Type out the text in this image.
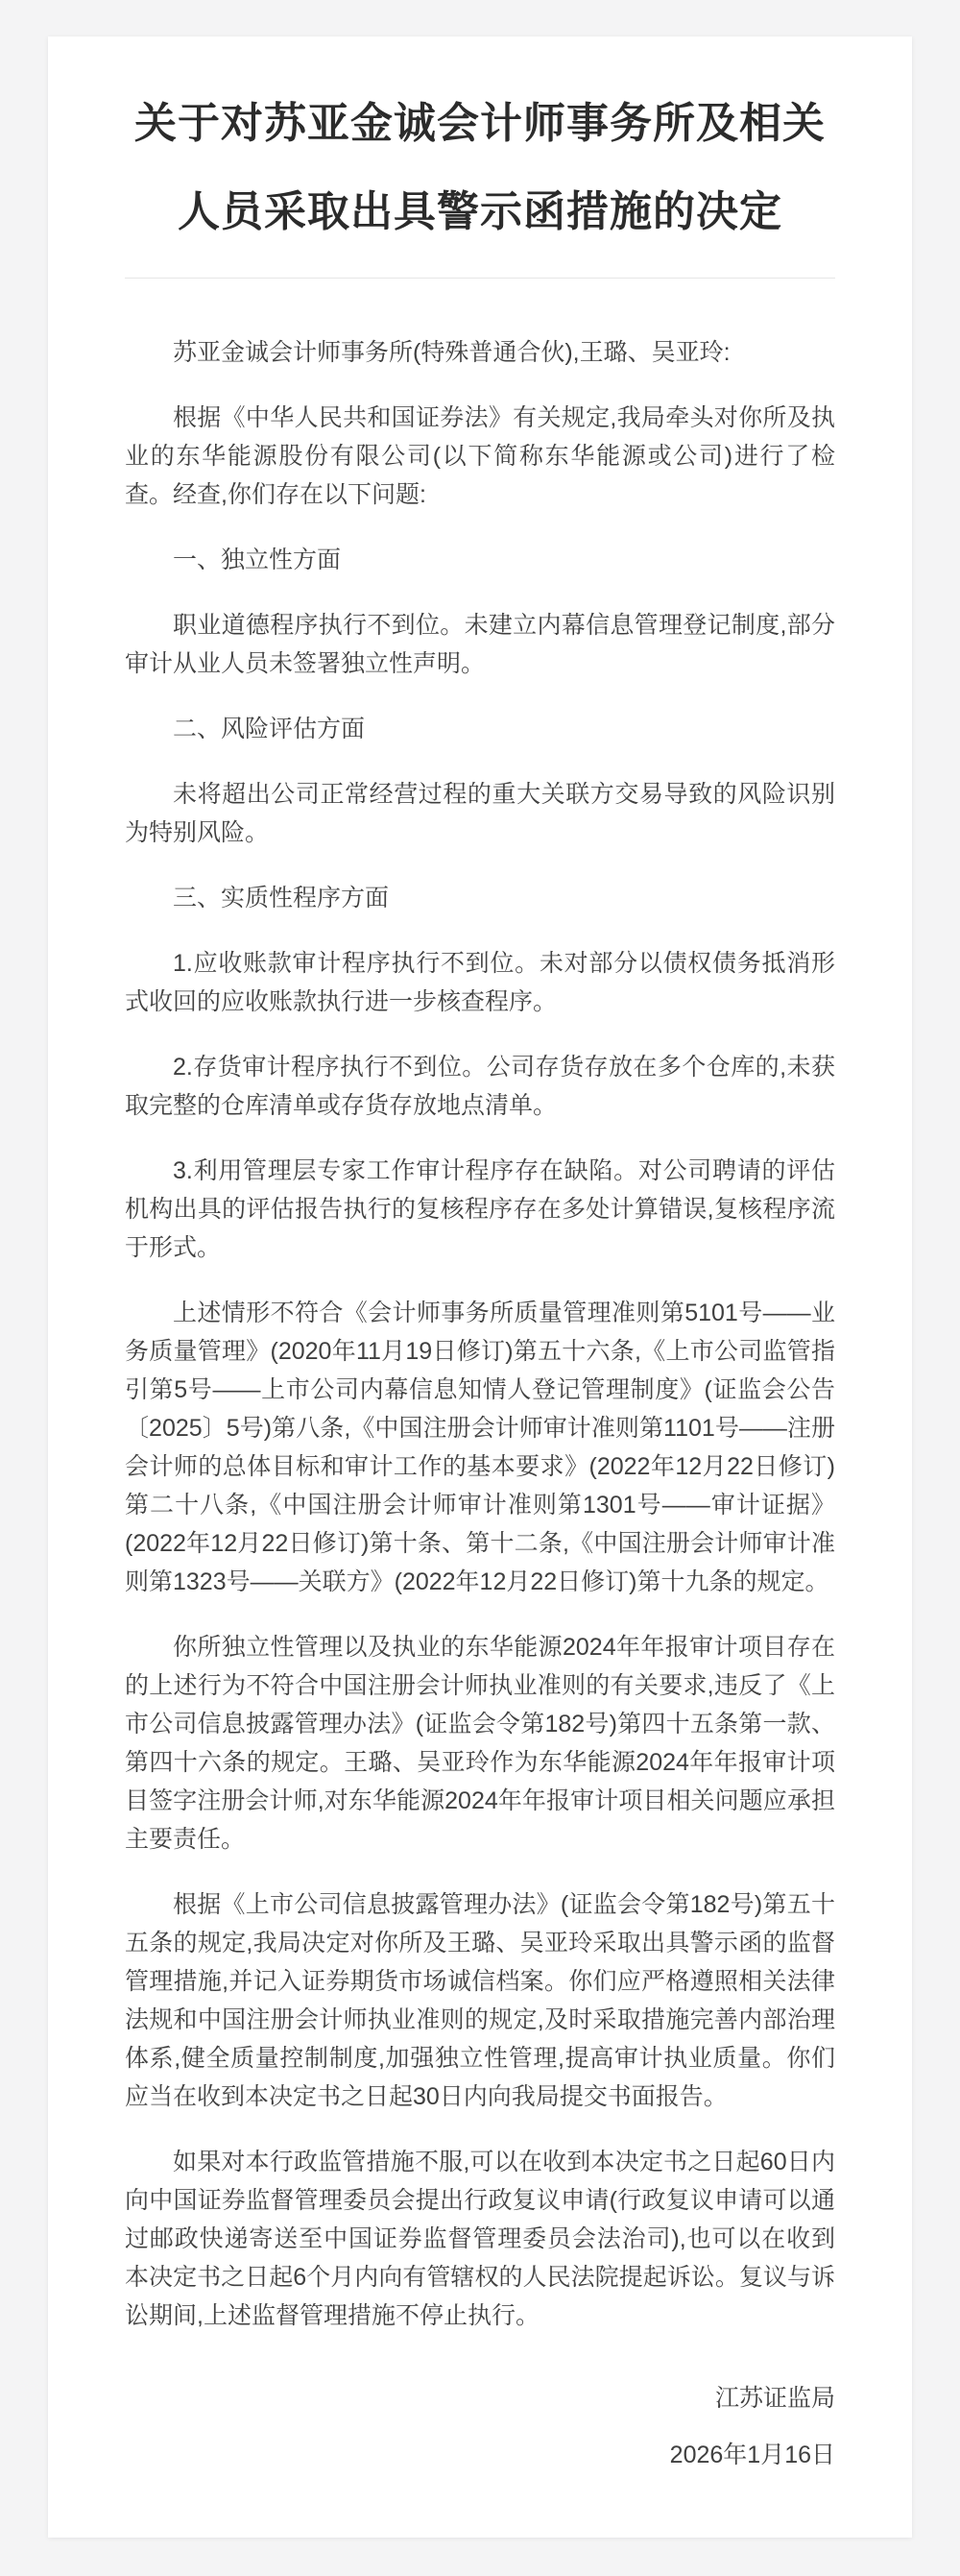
关于对苏亚金诚会计师事务所及相关人员采取出具警示函措施的决定

苏亚金诚会计师事务所(特殊普通合伙),王璐、吴亚玲:

根据《中华人民共和国证券法》有关规定,我局牵头对你所及执业的东华能源股份有限公司(以下简称东华能源或公司)进行了检查。经查,你们存在以下问题:

一、独立性方面

职业道德程序执行不到位。未建立内幕信息管理登记制度,部分审计从业人员未签署独立性声明。

二、风险评估方面

未将超出公司正常经营过程的重大关联方交易导致的风险识别为特别风险。

三、实质性程序方面

1.应收账款审计程序执行不到位。未对部分以债权债务抵消形式收回的应收账款执行进一步核查程序。

2.存货审计程序执行不到位。公司存货存放在多个仓库的,未获取完整的仓库清单或存货存放地点清单。

3.利用管理层专家工作审计程序存在缺陷。对公司聘请的评估机构出具的评估报告执行的复核程序存在多处计算错误,复核程序流于形式。

上述情形不符合《会计师事务所质量管理准则第5101号——业务质量管理》(2020年11月19日修订)第五十六条,《上市公司监管指引第5号——上市公司内幕信息知情人登记管理制度》(证监会公告〔2025〕5号)第八条,《中国注册会计师审计准则第1101号——注册会计师的总体目标和审计工作的基本要求》(2022年12月22日修订)第二十八条,《中国注册会计师审计准则第1301号——审计证据》(2022年12月22日修订)第十条、第十二条,《中国注册会计师审计准则第1323号——关联方》(2022年12月22日修订)第十九条的规定。

你所独立性管理以及执业的东华能源2024年年报审计项目存在的上述行为不符合中国注册会计师执业准则的有关要求,违反了《上市公司信息披露管理办法》(证监会令第182号)第四十五条第一款、第四十六条的规定。王璐、吴亚玲作为东华能源2024年年报审计项目签字注册会计师,对东华能源2024年年报审计项目相关问题应承担主要责任。

根据《上市公司信息披露管理办法》(证监会令第182号)第五十五条的规定,我局决定对你所及王璐、吴亚玲采取出具警示函的监督管理措施,并记入证券期货市场诚信档案。你们应严格遵照相关法律法规和中国注册会计师执业准则的规定,及时采取措施完善内部治理体系,健全质量控制制度,加强独立性管理,提高审计执业质量。你们应当在收到本决定书之日起30日内向我局提交书面报告。

如果对本行政监管措施不服,可以在收到本决定书之日起60日内向中国证券监督管理委员会提出行政复议申请(行政复议申请可以通过邮政快递寄送至中国证券监督管理委员会法治司),也可以在收到本决定书之日起6个月内向有管辖权的人民法院提起诉讼。复议与诉讼期间,上述监督管理措施不停止执行。

江苏证监局

2026年1月16日
